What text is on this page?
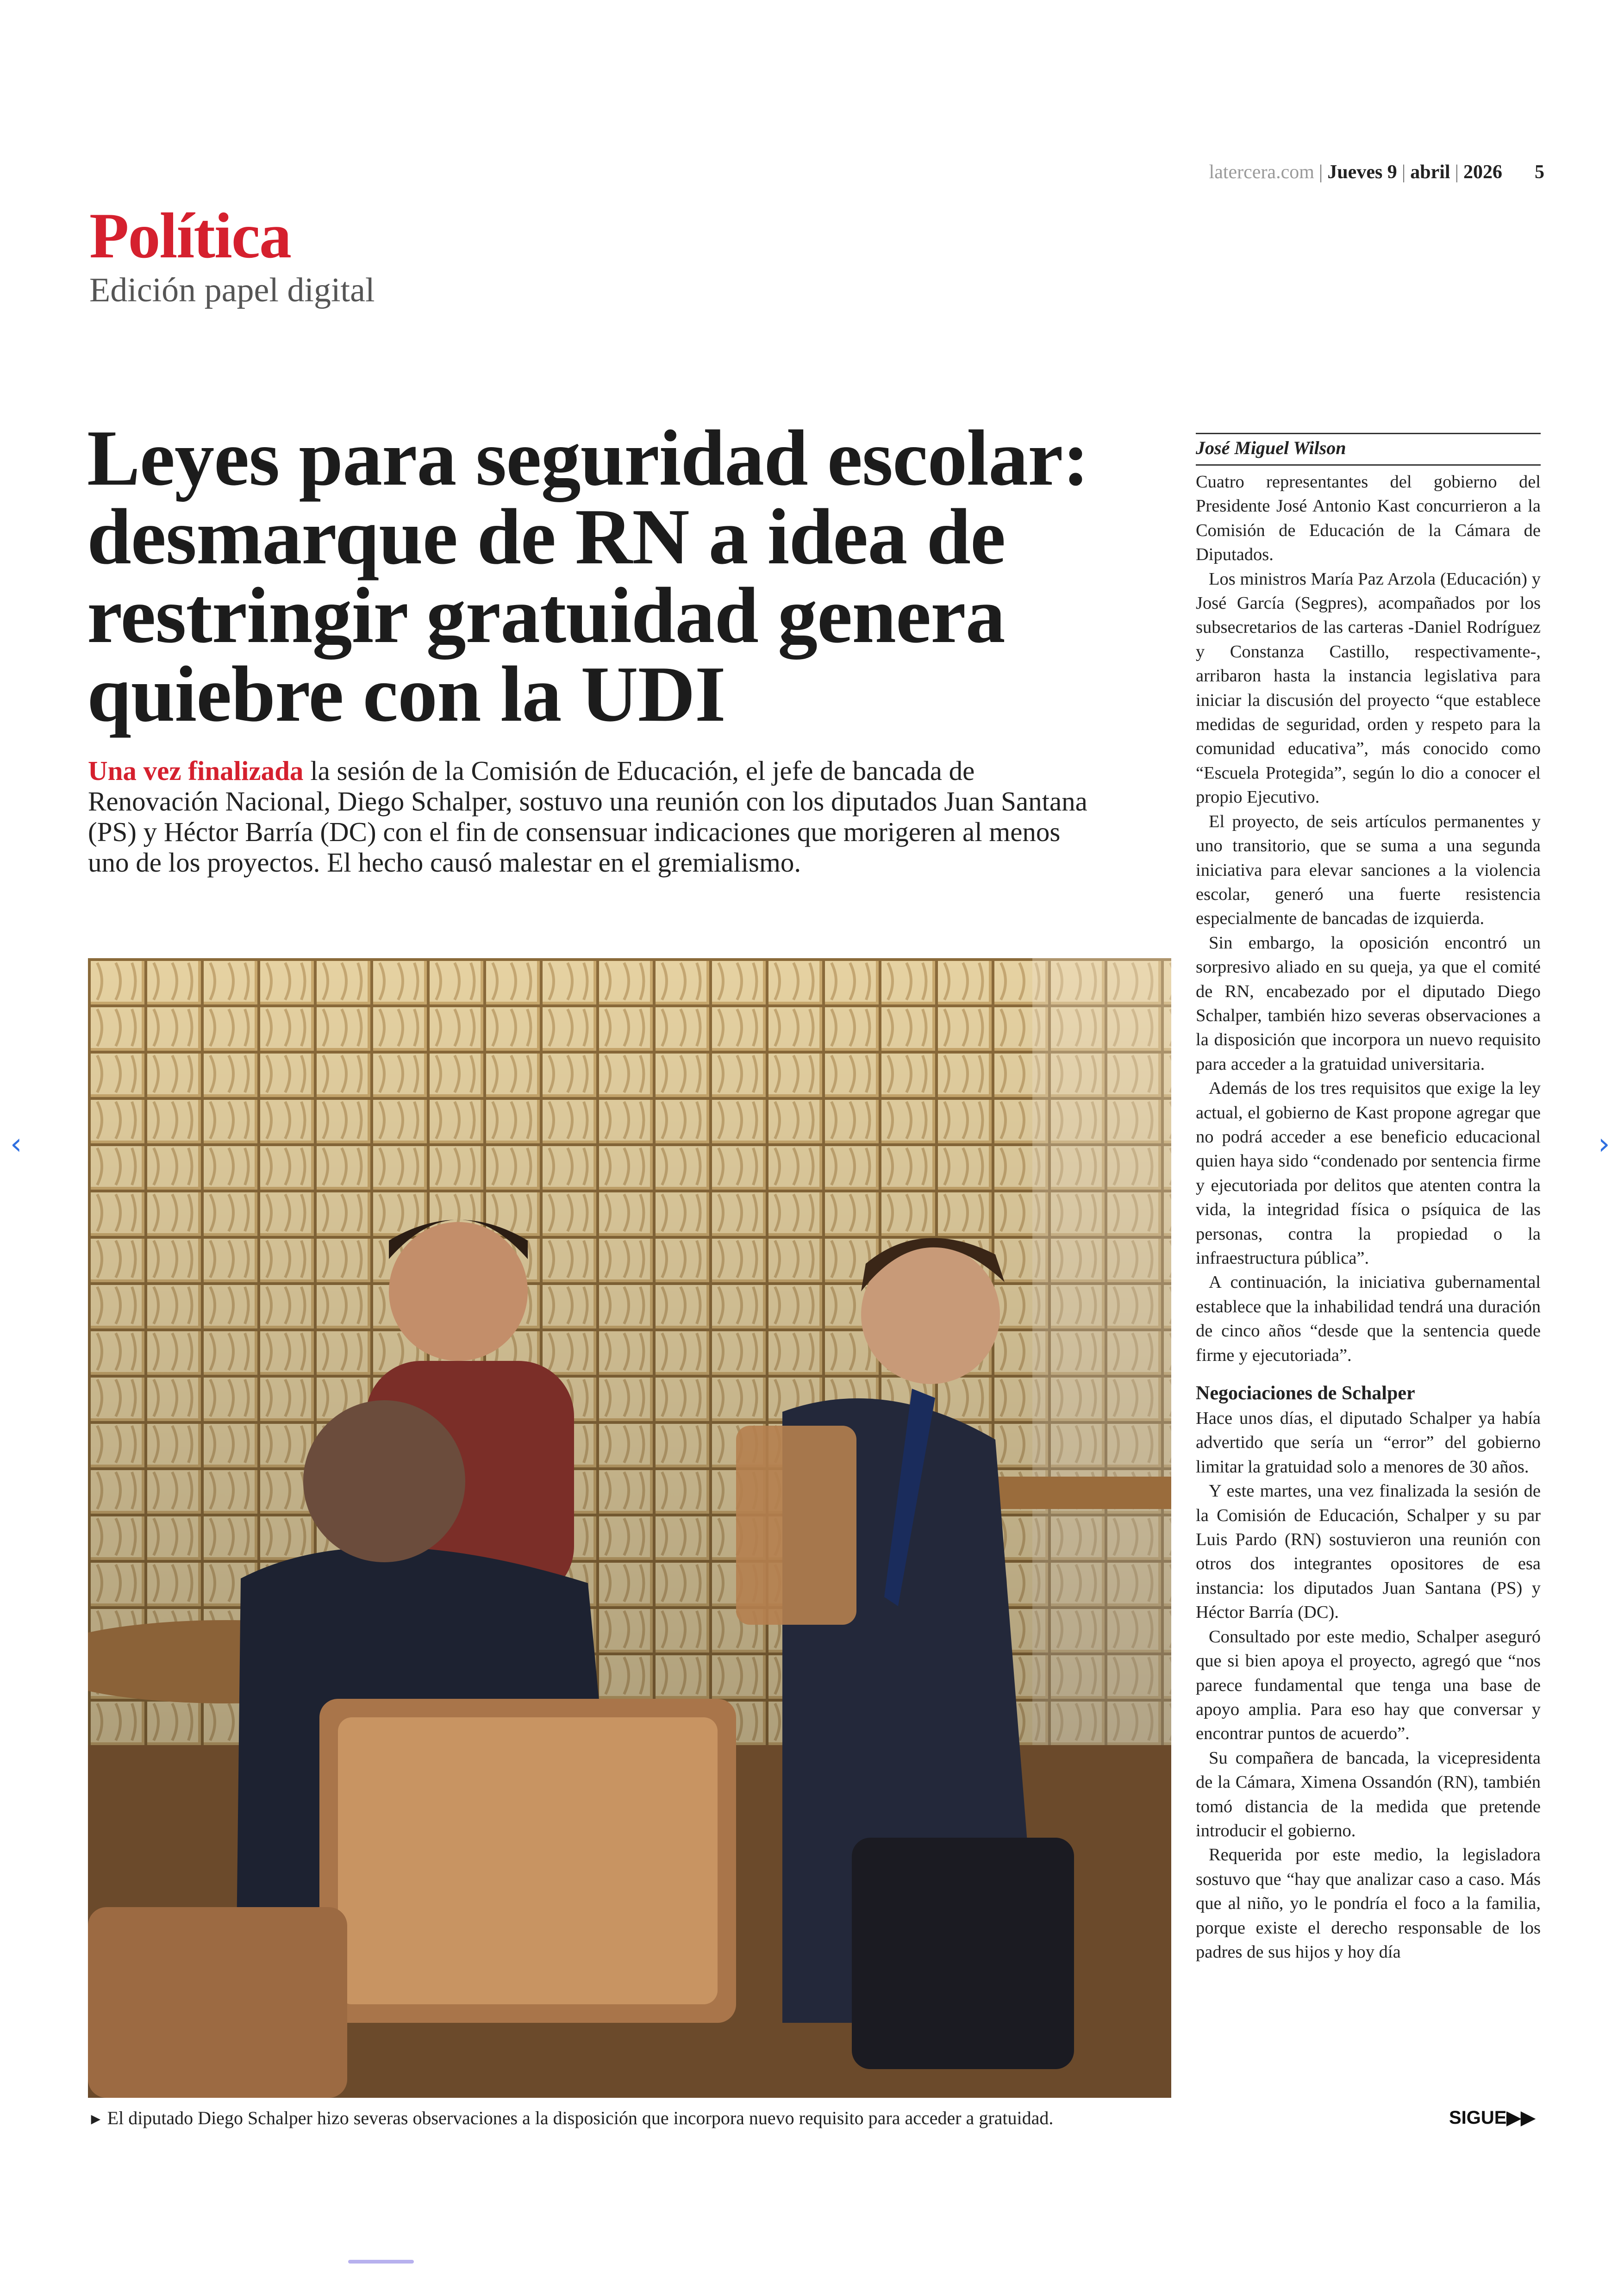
latercera.com | Jueves 9 | abril | 2026 5
Política
Edición papel digital
Leyes para seguridad escolar: desmarque de RN a idea de restringir gratuidad genera quiebre con la UDI

Una vez finalizada la sesión de la Comisión de Educación, el jefe de bancada de Renovación Nacional, Diego Schalper, sostuvo una reunión con los diputados Juan Santana (PS) y Héctor Barría (DC) con el fin de consensuar indicaciones que morigeren al menos uno de los proyectos. El hecho causó malestar en el gremialismo.

► El diputado Diego Schalper hizo severas observaciones a la disposición que incorpora nuevo requisito para acceder a gratuidad.
José Miguel Wilson

Cuatro representantes del gobierno del Presidente José Antonio Kast concurrieron a la Comisión de Educación de la Cámara de Diputados.

Los ministros María Paz Arzola (Educación) y José García (Segpres), acompañados por los subsecretarios de las carteras -Daniel Rodríguez y Constanza Castillo, respectivamente-, arribaron hasta la instancia legislativa para iniciar la discusión del proyecto “que establece medidas de seguridad, orden y respeto para la comunidad educativa”, más conocido como “Escuela Protegida”, según lo dio a conocer el propio Ejecutivo.

El proyecto, de seis artículos permanentes y uno transitorio, que se suma a una segunda iniciativa para elevar sanciones a la violencia escolar, generó una fuerte resistencia especialmente de bancadas de izquierda.

Sin embargo, la oposición encontró un sorpresivo aliado en su queja, ya que el comité de RN, encabezado por el diputado Diego Schalper, también hizo severas observaciones a la disposición que incorpora un nuevo requisito para acceder a la gratuidad universitaria.

Además de los tres requisitos que exige la ley actual, el gobierno de Kast propone agregar que no podrá acceder a ese beneficio educacional quien haya sido “condenado por sentencia firme y ejecutoriada por delitos que atenten contra la vida, la integridad física o psíquica de las personas, contra la propiedad o la infraestructura pública”.

A continuación, la iniciativa gubernamental establece que la inhabilidad tendrá una duración de cinco años “desde que la sentencia quede firme y ejecutoriada”.

Negociaciones de Schalper

Hace unos días, el diputado Schalper ya había advertido que sería un “error” del gobierno limitar la gratuidad solo a menores de 30 años.

Y este martes, una vez finalizada la sesión de la Comisión de Educación, Schalper y su par Luis Pardo (RN) sostuvieron una reunión con otros dos integrantes opositores de esa instancia: los diputados Juan Santana (PS) y Héctor Barría (DC).

Consultado por este medio, Schalper aseguró que si bien apoya el proyecto, agregó que “nos parece fundamental que tenga una base de apoyo amplia. Para eso hay que conversar y encontrar puntos de acuerdo”.

Su compañera de bancada, la vicepresidenta de la Cámara, Ximena Ossandón (RN), también tomó distancia de la medida que pretende introducir el gobierno.

Requerida por este medio, la legisladora sostuvo que “hay que analizar caso a caso. Más que al niño, yo le pondría el foco a la familia, porque existe el derecho responsable de los padres de sus hijos y hoy día

SIGUE▶▶
‹	›
